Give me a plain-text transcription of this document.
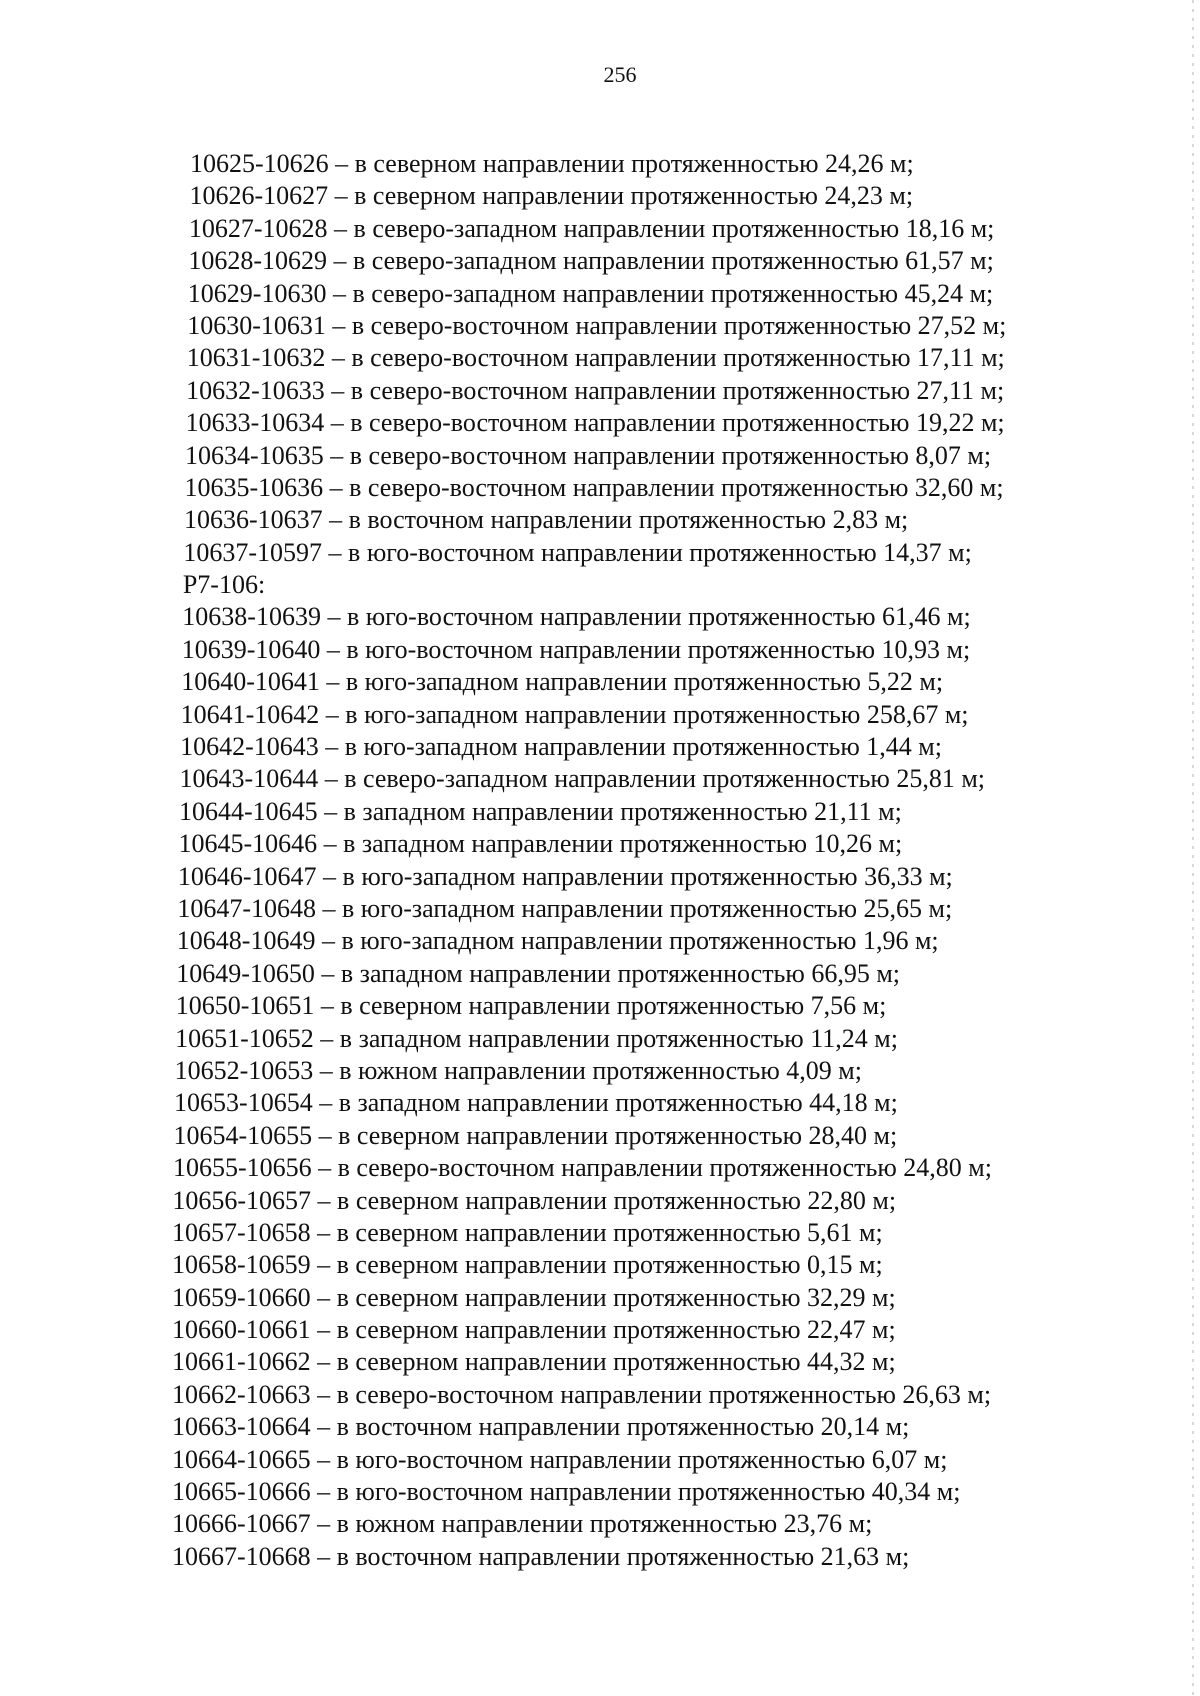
256
10625-10626 – в северном направлении протяженностью 24,26 м;
10626-10627 – в северном направлении протяженностью 24,23 м;
10627-10628 – в северо-западном направлении протяженностью 18,16 м;
10628-10629 – в северо-западном направлении протяженностью 61,57 м;
10629-10630 – в северо-западном направлении протяженностью 45,24 м;
10630-10631 – в северо-восточном направлении протяженностью 27,52 м;
10631-10632 – в северо-восточном направлении протяженностью 17,11 м;
10632-10633 – в северо-восточном направлении протяженностью 27,11 м;
10633-10634 – в северо-восточном направлении протяженностью 19,22 м;
10634-10635 – в северо-восточном направлении протяженностью 8,07 м;
10635-10636 – в северо-восточном направлении протяженностью 32,60 м;
10636-10637 – в восточном направлении протяженностью 2,83 м;
10637-10597 – в юго-восточном направлении протяженностью 14,37 м;
Р7-106:
10638-10639 – в юго-восточном направлении протяженностью 61,46 м;
10639-10640 – в юго-восточном направлении протяженностью 10,93 м;
10640-10641 – в юго-западном направлении протяженностью 5,22 м;
10641-10642 – в юго-западном направлении протяженностью 258,67 м;
10642-10643 – в юго-западном направлении протяженностью 1,44 м;
10643-10644 – в северо-западном направлении протяженностью 25,81 м;
10644-10645 – в западном направлении протяженностью 21,11 м;
10645-10646 – в западном направлении протяженностью 10,26 м;
10646-10647 – в юго-западном направлении протяженностью 36,33 м;
10647-10648 – в юго-западном направлении протяженностью 25,65 м;
10648-10649 – в юго-западном направлении протяженностью 1,96 м;
10649-10650 – в западном направлении протяженностью 66,95 м;
10650-10651 – в северном направлении протяженностью 7,56 м;
10651-10652 – в западном направлении протяженностью 11,24 м;
10652-10653 – в южном направлении протяженностью 4,09 м;
10653-10654 – в западном направлении протяженностью 44,18 м;
10654-10655 – в северном направлении протяженностью 28,40 м;
10655-10656 – в северо-восточном направлении протяженностью 24,80 м;
10656-10657 – в северном направлении протяженностью 22,80 м;
10657-10658 – в северном направлении протяженностью 5,61 м;
10658-10659 – в северном направлении протяженностью 0,15 м;
10659-10660 – в северном направлении протяженностью 32,29 м;
10660-10661 – в северном направлении протяженностью 22,47 м;
10661-10662 – в северном направлении протяженностью 44,32 м;
10662-10663 – в северо-восточном направлении протяженностью 26,63 м;
10663-10664 – в восточном направлении протяженностью 20,14 м;
10664-10665 – в юго-восточном направлении протяженностью 6,07 м;
10665-10666 – в юго-восточном направлении протяженностью 40,34 м;
10666-10667 – в южном направлении протяженностью 23,76 м;
10667-10668 – в восточном направлении протяженностью 21,63 м;
